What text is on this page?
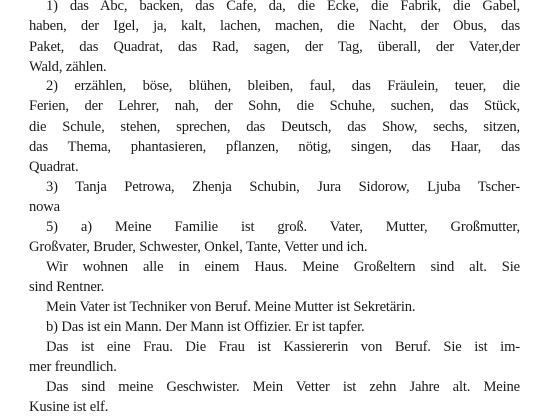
1) das Abc, backen, das Cafe, da, die Ecke, die Fabrik, die Gabel,
haben, der Igel, ja, kalt, lachen, machen, die Nacht, der Obus, das
Paket, das Quadrat, das Rad, sagen, der Tag, überall, der Vater,der
Wald, zählen.
2) erzählen, böse, blühen, bleiben, faul, das Fräulein, teuer, die
Ferien, der Lehrer, nah, der Sohn, die Schuhe, suchen, das Stück,
die Schule, stehen, sprechen, das Deutsch, das Show, sechs, sitzen,
das Thema, phantasieren, pflanzen, nötig, singen, das Haar, das
Quadrat.
3) Tanja Petrowa, Zhenja Schubin, Jura Sidorow, Ljuba Tscher-
nowa
5) a) Meine Familie ist groß. Vater, Mutter, Großmutter,
Großvater, Bruder, Schwester, Onkel, Tante, Vetter und ich.
Wir wohnen alle in einem Haus. Meine Großeltern sind alt. Sie
sind Rentner.
Mein Vater ist Techniker von Beruf. Meine Mutter ist Sekretärin.
b) Das ist ein Mann. Der Mann ist Offizier. Er ist tapfer.
Das ist eine Frau. Die Frau ist Kassiererin von Beruf. Sie ist im-
mer freundlich.
Das sind meine Geschwister. Mein Vetter ist zehn Jahre alt. Meine
Kusine ist elf.
